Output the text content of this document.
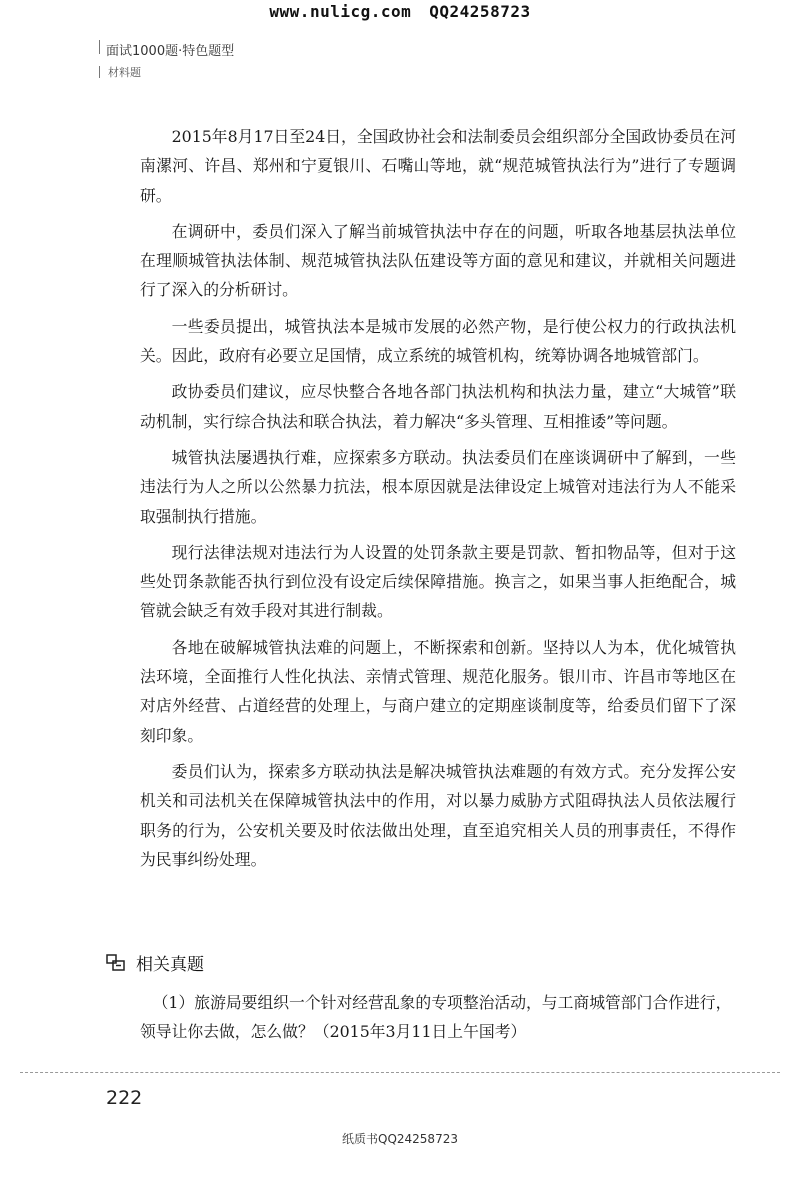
www.nulicg.com QQ24258723
面试1000题·特色题型
材料题

2015年8月17日至24日，全国政协社会和法制委员会组织部分全国政协委员在河南漯河、许昌、郑州和宁夏银川、石嘴山等地，就“规范城管执法行为”进行了专题调研。

在调研中，委员们深入了解当前城管执法中存在的问题，听取各地基层执法单位在理顺城管执法体制、规范城管执法队伍建设等方面的意见和建议，并就相关问题进行了深入的分析研讨。

一些委员提出，城管执法本是城市发展的必然产物，是行使公权力的行政执法机关。因此，政府有必要立足国情，成立系统的城管机构，统筹协调各地城管部门。

政协委员们建议，应尽快整合各地各部门执法机构和执法力量，建立“大城管”联动机制，实行综合执法和联合执法，着力解决“多头管理、互相推诿”等问题。

城管执法屡遇执行难，应探索多方联动。执法委员们在座谈调研中了解到，一些违法行为人之所以公然暴力抗法，根本原因就是法律设定上城管对违法行为人不能采取强制执行措施。

现行法律法规对违法行为人设置的处罚条款主要是罚款、暂扣物品等，但对于这些处罚条款能否执行到位没有设定后续保障措施。换言之，如果当事人拒绝配合，城管就会缺乏有效手段对其进行制裁。

各地在破解城管执法难的问题上，不断探索和创新。坚持以人为本，优化城管执法环境，全面推行人性化执法、亲情式管理、规范化服务。银川市、许昌市等地区在对店外经营、占道经营的处理上，与商户建立的定期座谈制度等，给委员们留下了深刻印象。

委员们认为，探索多方联动执法是解决城管执法难题的有效方式。充分发挥公安机关和司法机关在保障城管执法中的作用，对以暴力威胁方式阻碍执法人员依法履行职务的行为，公安机关要及时依法做出处理，直至追究相关人员的刑事责任，不得作为民事纠纷处理。

相关真题

（1）旅游局要组织一个针对经营乱象的专项整治活动，与工商城管部门合作进行，领导让你去做，怎么做？（2015年3月11日上午国考）

222
纸质书QQ24258723
